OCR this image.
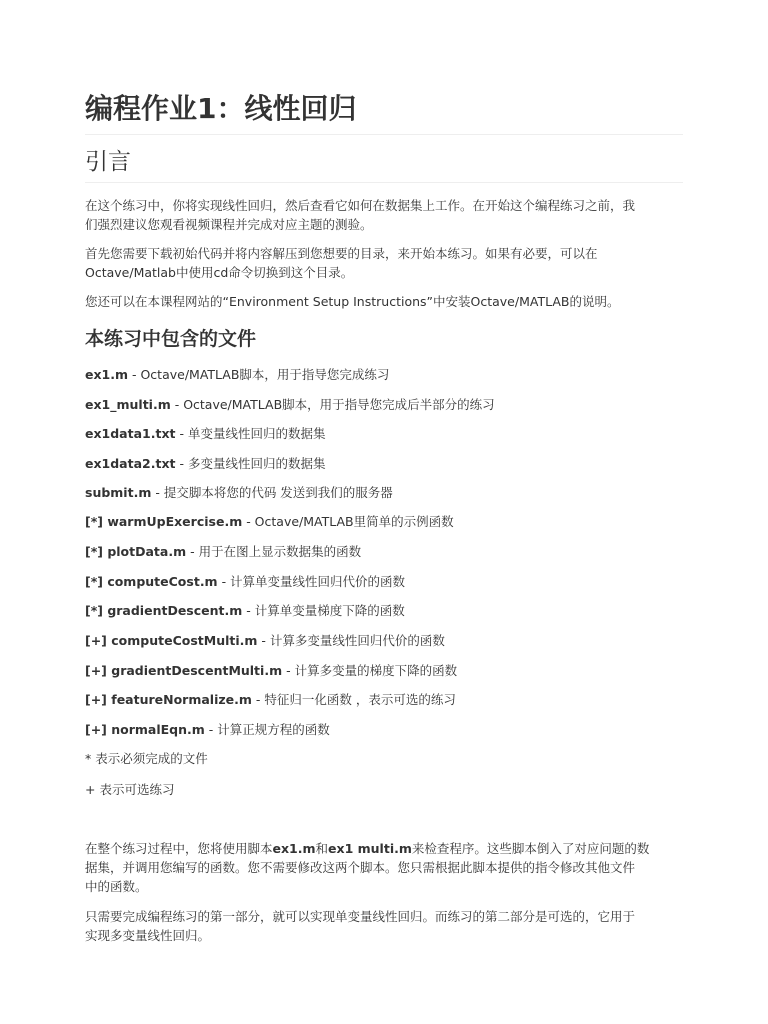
编程作业1：线性回归
引言

在这个练习中，你将实现线性回归，然后查看它如何在数据集上工作。在开始这个编程练习之前，我
们强烈建议您观看视频课程并完成对应主题的测验。

首先您需要下载初始代码并将内容解压到您想要的目录，来开始本练习。如果有必要，可以在
Octave/Matlab中使用cd命令切换到这个目录。

您还可以在本课程网站的“Environment Setup Instructions”中安装Octave/MATLAB的说明。

本练习中包含的文件

ex1.m - Octave/MATLAB脚本，用于指导您完成练习

ex1_multi.m - Octave/MATLAB脚本，用于指导您完成后半部分的练习

ex1data1.txt - 单变量线性回归的数据集

ex1data2.txt - 多变量线性回归的数据集

submit.m - 提交脚本将您的代码 发送到我们的服务器

[*] warmUpExercise.m - Octave/MATLAB里简单的示例函数

[*] plotData.m - 用于在图上显示数据集的函数

[*] computeCost.m - 计算单变量线性回归代价的函数

[*] gradientDescent.m - 计算单变量梯度下降的函数

[+] computeCostMulti.m - 计算多变量线性回归代价的函数

[+] gradientDescentMulti.m - 计算多变量的梯度下降的函数

[+] featureNormalize.m - 特征归一化函数 ，表示可选的练习

[+] normalEqn.m - 计算正规方程的函数

* 表示必须完成的文件

+ 表示可选练习

在整个练习过程中，您将使用脚本ex1.m和ex1 multi.m来检查程序。这些脚本倒入了对应问题的数
据集，并调用您编写的函数。您不需要修改这两个脚本。您只需根据此脚本提供的指令修改其他文件
中的函数。

只需要完成编程练习的第一部分，就可以实现单变量线性回归。而练习的第二部分是可选的，它用于
实现多变量线性回归。
